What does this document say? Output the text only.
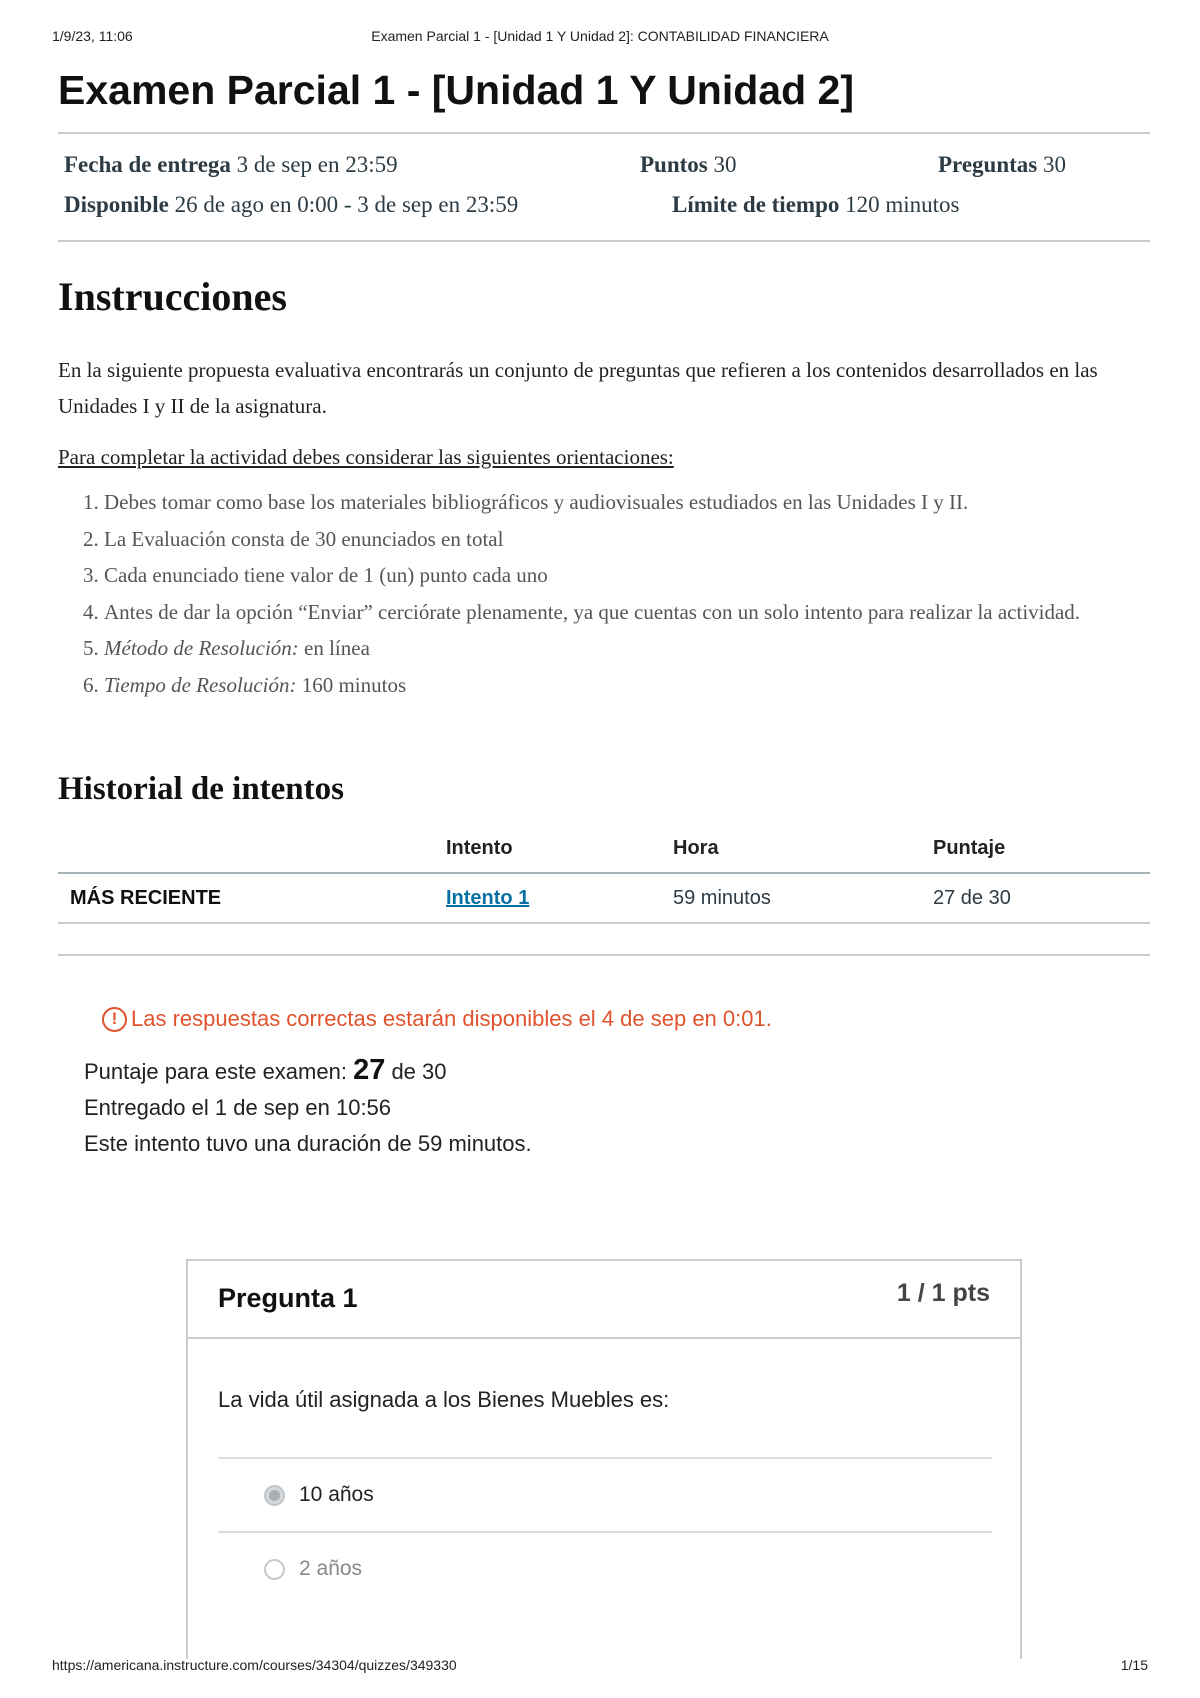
1/9/23, 11:06	Examen Parcial 1 - [Unidad 1 Y Unidad 2]: CONTABILIDAD FINANCIERA
Examen Parcial 1 - [Unidad 1 Y Unidad 2]
Fecha de entrega 3 de sep en 23:59	Puntos 30	Preguntas 30
Disponible 26 de ago en 0:00 - 3 de sep en 23:59	Límite de tiempo 120 minutos
Instrucciones

En la siguiente propuesta evaluativa encontrarás un conjunto de preguntas que refieren a los contenidos desarrollados en las Unidades I y II de la asignatura.

Para completar la actividad debes considerar las siguientes orientaciones:

1. Debes tomar como base los materiales bibliográficos y audiovisuales estudiados en las Unidades I y II.
2. La Evaluación consta de 30 enunciados en total
3. Cada enunciado tiene valor de 1 (un) punto cada uno
4. Antes de dar la opción “Enviar” cerciórate plenamente, ya que cuentas con un solo intento para realizar la actividad.
5. Método de Resolución: en línea
6. Tiempo de Resolución: 160 minutos
Historial de intentos
	Intento	Hora	Puntaje
MÁS RECIENTE	Intento 1	59 minutos	27 de 30
! Las respuestas correctas estarán disponibles el 4 de sep en 0:01.
Puntaje para este examen: 27 de 30
Entregado el 1 de sep en 10:56
Este intento tuvo una duración de 59 minutos.
Pregunta 1	1 / 1 pts
La vida útil asignada a los Bienes Muebles es:
10 años
2 años
https://americana.instructure.com/courses/34304/quizzes/349330	1/15
